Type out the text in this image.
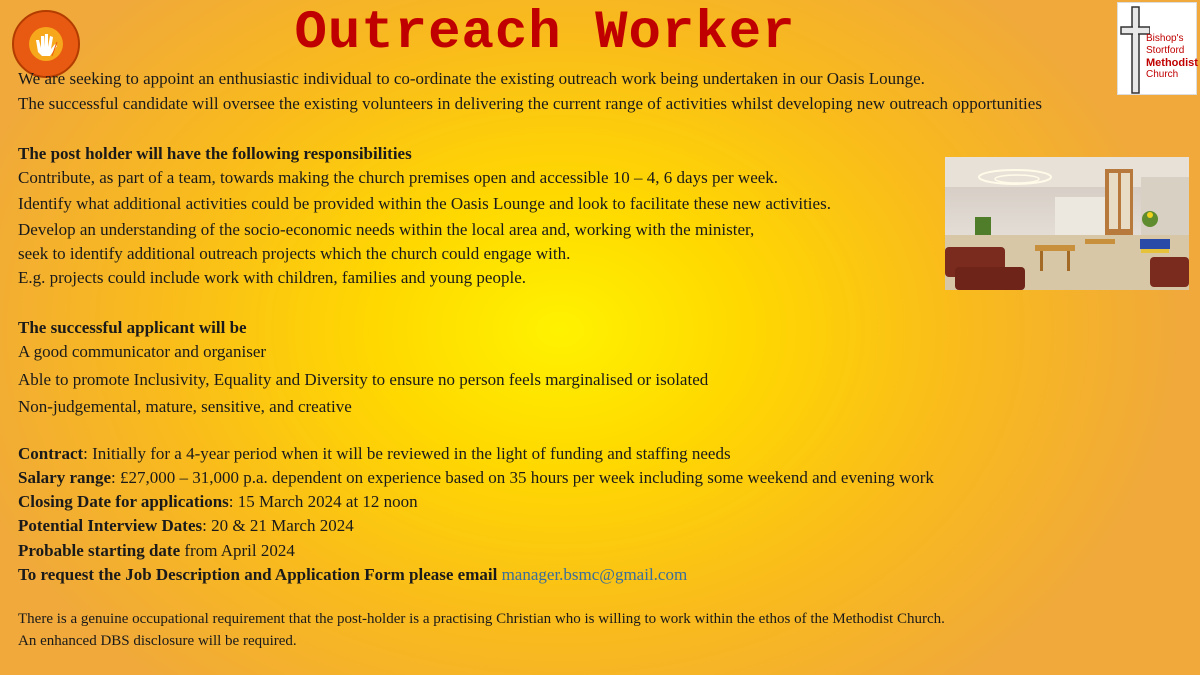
Outreach Worker	Bishop's
Stortford
Methodist
Church
We are seeking to appoint an enthusiastic individual to co-ordinate the existing outreach work being undertaken in our Oasis Lounge.
The successful candidate will oversee the existing volunteers in delivering the current range of activities whilst developing new outreach opportunities
The post holder will have the following responsibilities
Contribute, as part of a team, towards making the church premises open and accessible 10 – 4, 6 days per week.
Identify what additional activities could be provided within the Oasis Lounge and look to facilitate these new activities.
Develop an understanding of the socio-economic needs within the local area and, working with the minister,
seek to identify additional outreach projects which the church could engage with.
E.g. projects could include work with children, families and young people.
The successful applicant will be
A good communicator and organiser
Able to promote Inclusivity, Equality and Diversity to ensure no person feels marginalised or isolated
Non-judgemental, mature, sensitive, and creative
Contract: Initially for a 4-year period when it will be reviewed in the light of funding and staffing needs
Salary range: £27,000 – 31,000 p.a. dependent on experience based on 35 hours per week including some weekend and evening work
Closing Date for applications: 15 March 2024 at 12 noon
Potential Interview Dates: 20 & 21 March 2024
Probable starting date from April 2024
To request the Job Description and Application Form please email manager.bsmc@gmail.com
There is a genuine occupational requirement that the post-holder is a practising Christian who is willing to work within the ethos of the Methodist Church.
An enhanced DBS disclosure will be required.
